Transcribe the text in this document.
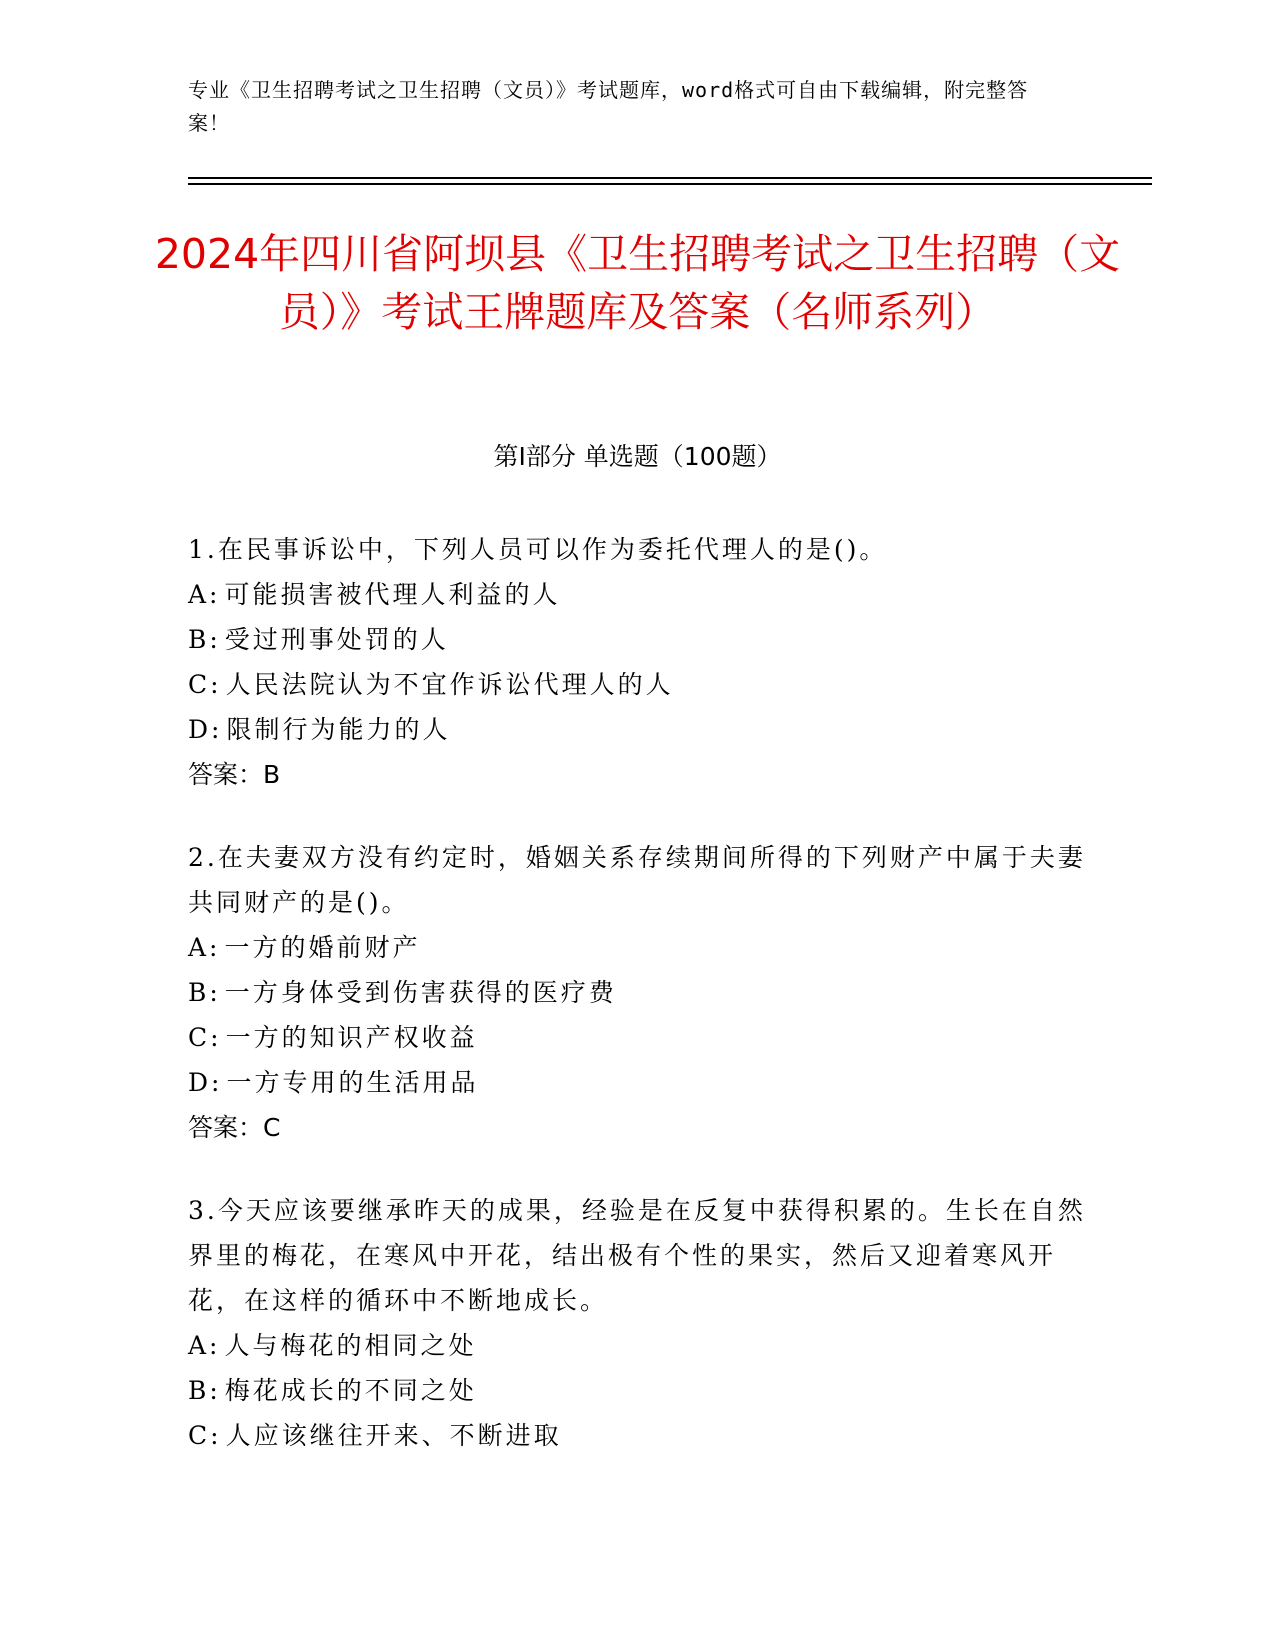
专业《卫生招聘考试之卫生招聘（文员）》考试题库，word格式可自由下载编辑，附完整答案！
2024年四川省阿坝县《卫生招聘考试之卫生招聘（文员）》考试王牌题库及答案（名师系列）
第I部分 单选题（100题）

1.在民事诉讼中，下列人员可以作为委托代理人的是()。

A: 可能损害被代理人利益的人

B: 受过刑事处罚的人

C: 人民法院认为不宜作诉讼代理人的人

D: 限制行为能力的人

答案：B

2.在夫妻双方没有约定时，婚姻关系存续期间所得的下列财产中属于夫妻共同财产的是()。

A: 一方的婚前财产

B: 一方身体受到伤害获得的医疗费

C: 一方的知识产权收益

D: 一方专用的生活用品

答案：C

3.今天应该要继承昨天的成果，经验是在反复中获得积累的。生长在自然界里的梅花，在寒风中开花，结出极有个性的果实，然后又迎着寒风开花，在这样的循环中不断地成长。

A: 人与梅花的相同之处

B: 梅花成长的不同之处

C: 人应该继往开来、不断进取
